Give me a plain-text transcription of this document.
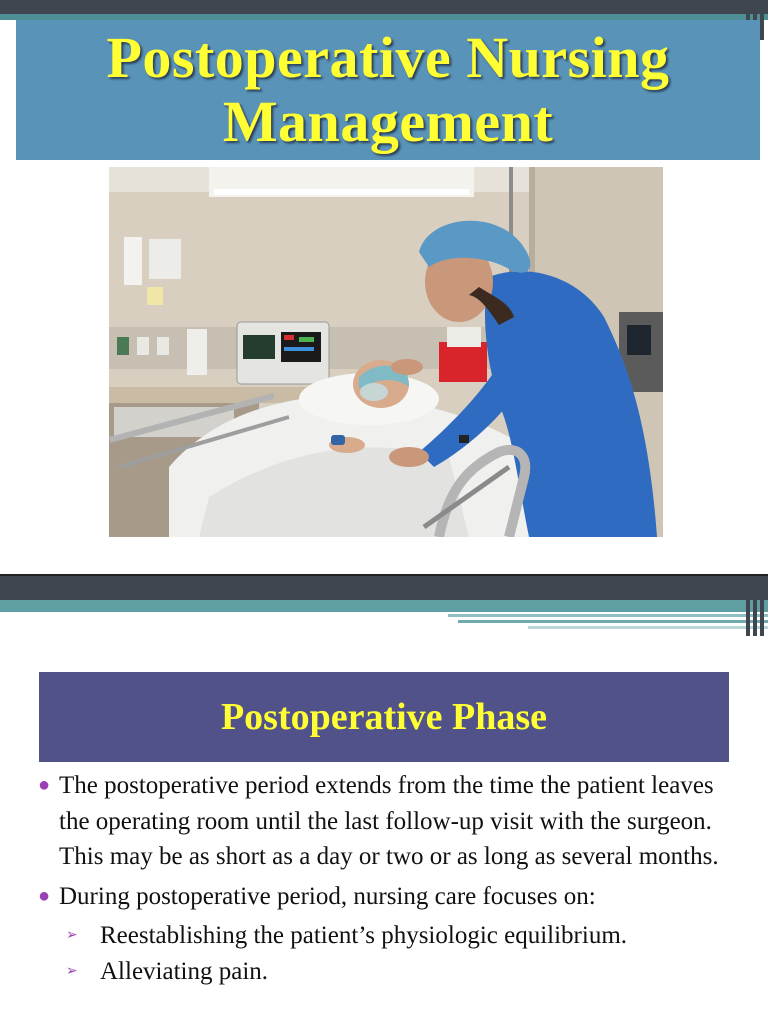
Postoperative Nursing
Management
Postoperative Phase
● The postoperative period extends from the time the patient leaves the operating room until the last follow-up visit with the surgeon. This may be as short as a day or two or as long as several months.
● During postoperative period, nursing care focuses on:
➢ Reestablishing the patient’s physiologic equilibrium.
➢ Alleviating pain.
